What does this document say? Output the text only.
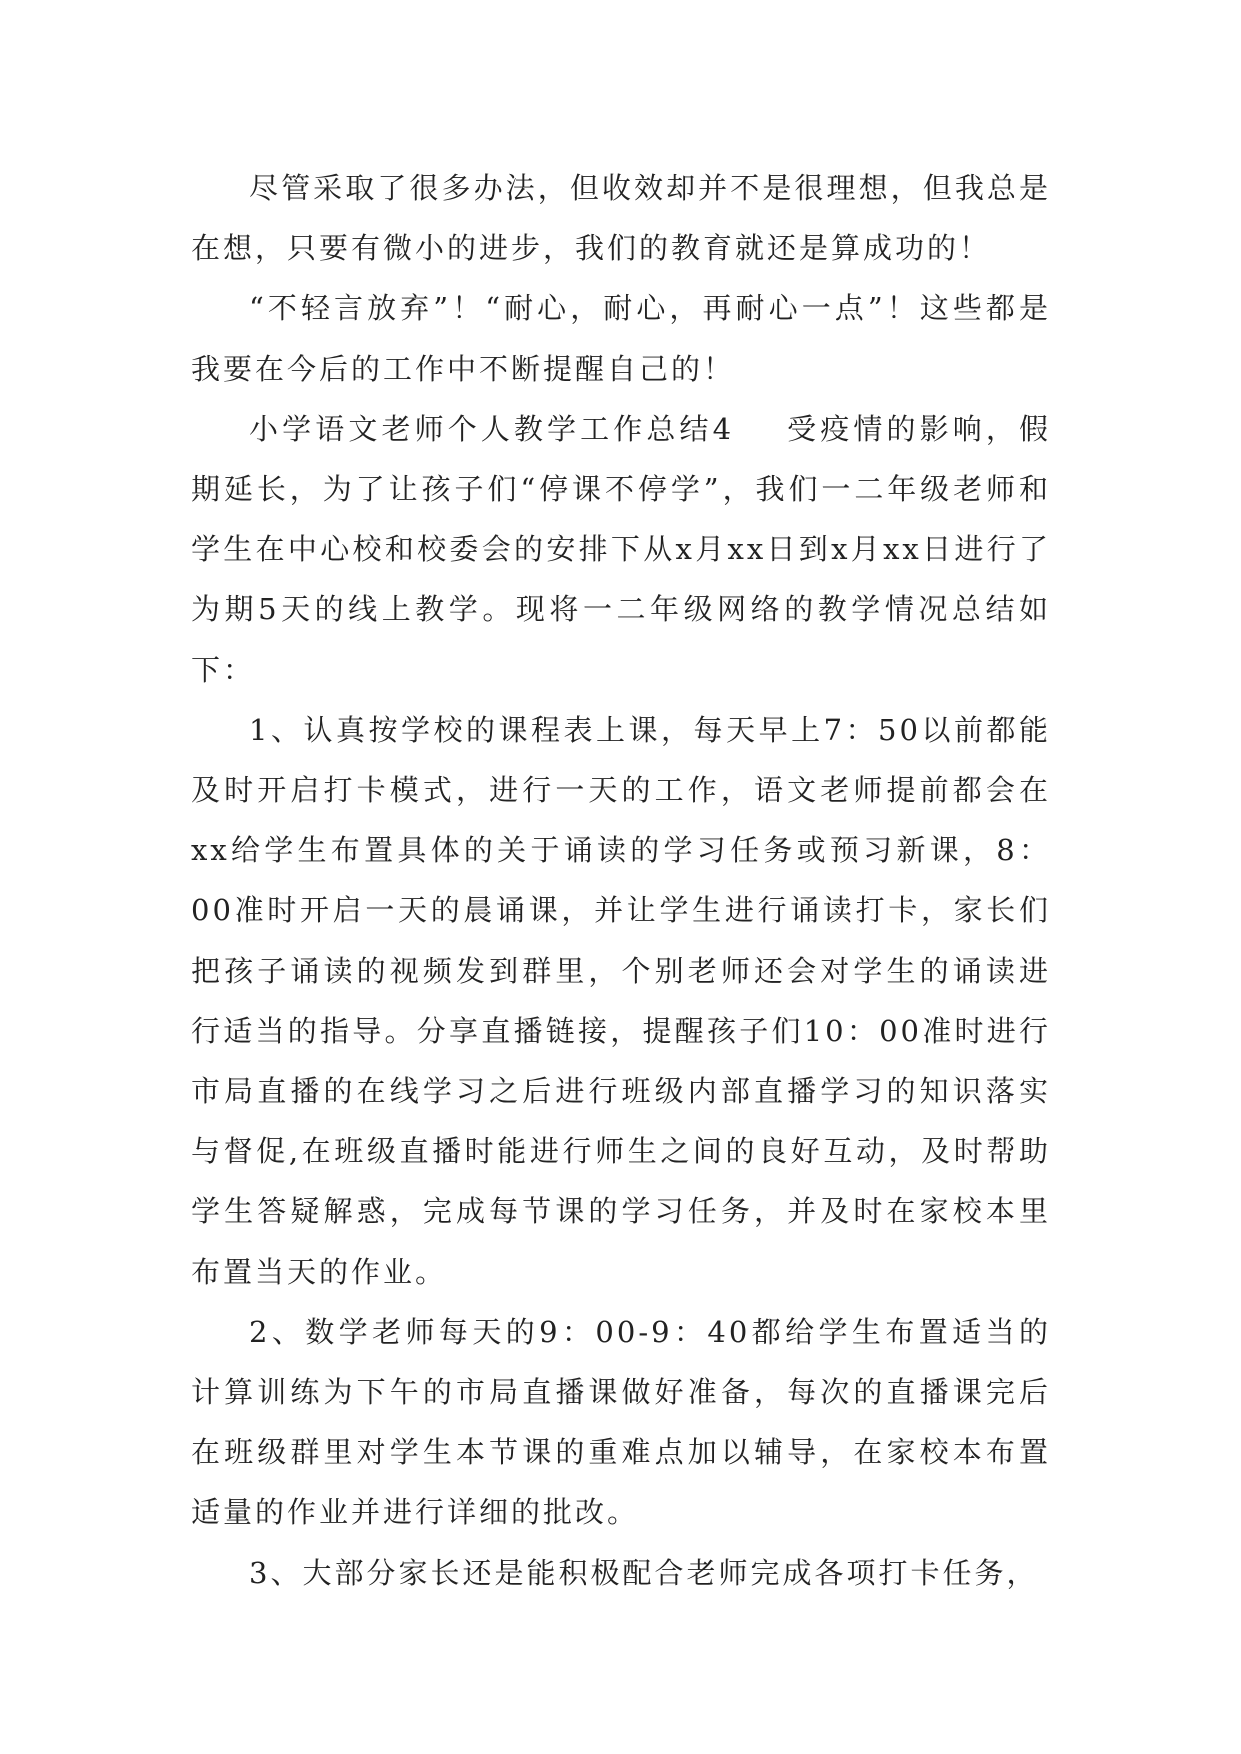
尽管采取了很多办法，但收效却并不是很理想，但我总是在想，只要有微小的进步，我们的教育就还是算成功的！

“不轻言放弃”！“耐心，耐心，再耐心一点”！这些都是我要在今后的工作中不断提醒自己的！

小学语文老师个人教学工作总结4 受疫情的影响，假期延长，为了让孩子们“停课不停学”，我们一二年级老师和学生在中心校和校委会的安排下从x月xx日到x月xx日进行了为期5天的线上教学。现将一二年级网络的教学情况总结如下：

1、认真按学校的课程表上课，每天早上7：50以前都能及时开启打卡模式，进行一天的工作，语文老师提前都会在xx给学生布置具体的关于诵读的学习任务或预习新课，8：00准时开启一天的晨诵课，并让学生进行诵读打卡，家长们把孩子诵读的视频发到群里，个别老师还会对学生的诵读进行适当的指导。分享直播链接，提醒孩子们10：00准时进行市局直播的在线学习之后进行班级内部直播学习的知识落实与督促,在班级直播时能进行师生之间的良好互动，及时帮助学生答疑解惑，完成每节课的学习任务，并及时在家校本里布置当天的作业。

2、数学老师每天的9：00-9：40都给学生布置适当的计算训练为下午的市局直播课做好准备，每次的直播课完后在班级群里对学生本节课的重难点加以辅导，在家校本布置适量的作业并进行详细的批改。

3、大部分家长还是能积极配合老师完成各项打卡任务，
